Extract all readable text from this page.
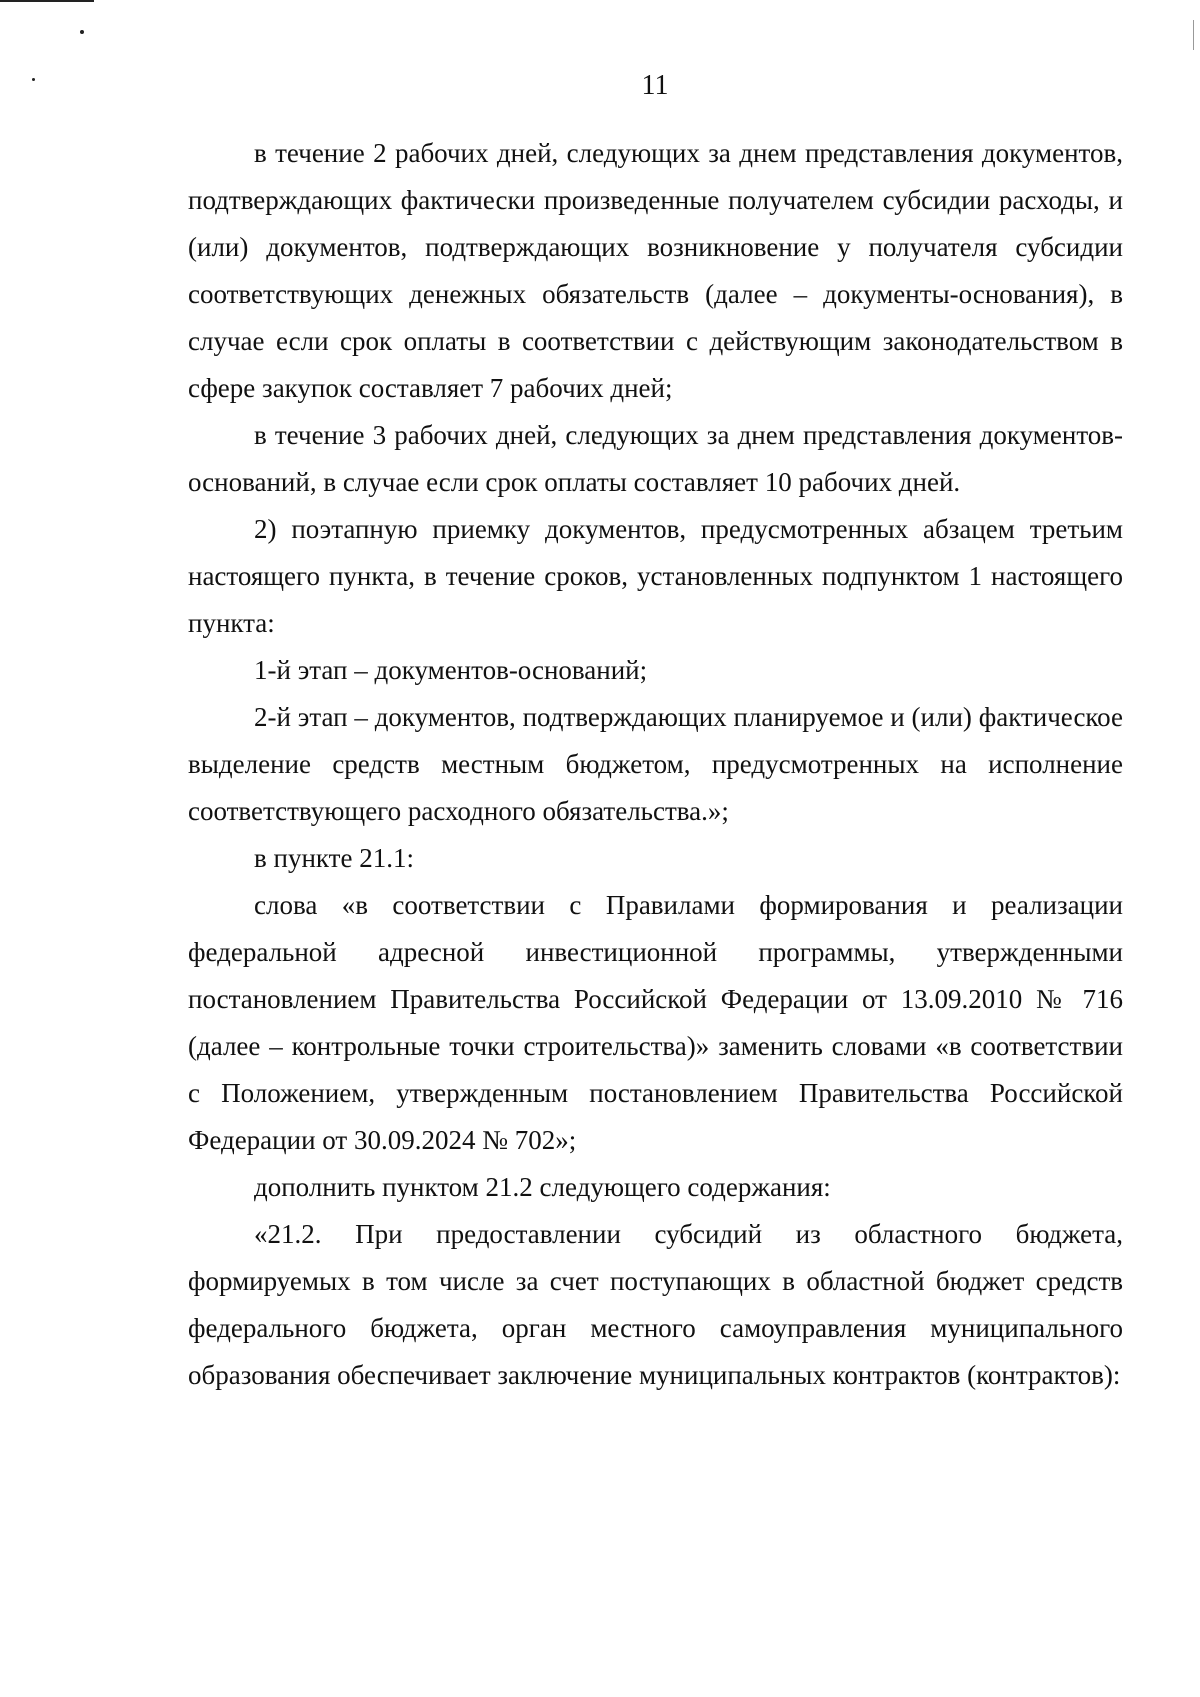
11

в течение 2 рабочих дней, следующих за днем представления документов, подтверждающих фактически произведенные получателем субсидии расходы, и (или) документов, подтверждающих возникновение у получателя субсидии соответствующих денежных обязательств (далее – документы-основания), в случае если срок оплаты в соответствии с действующим законодательством в сфере закупок составляет 7 рабочих дней;

в течение 3 рабочих дней, следующих за днем представления документов-оснований, в случае если срок оплаты составляет 10 рабочих дней.

2) поэтапную приемку документов, предусмотренных абзацем третьим настоящего пункта, в течение сроков, установленных подпунктом 1 настоящего пункта:

1-й этап – документов-оснований;

2-й этап – документов, подтверждающих планируемое и (или) фактическое выделение средств местным бюджетом, предусмотренных на исполнение соответствующего расходного обязательства.»;

в пункте 21.1:

слова «в соответствии с Правилами формирования и реализации федеральной адресной инвестиционной программы, утвержденными постановлением Правительства Российской Федерации от 13.09.2010 № 716 (далее – контрольные точки строительства)» заменить словами «в соответствии с Положением, утвержденным постановлением Правительства Российской Федерации от 30.09.2024 № 702»;

дополнить пунктом 21.2 следующего содержания:

«21.2. При предоставлении субсидий из областного бюджета, формируемых в том числе за счет поступающих в областной бюджет средств федерального бюджета, орган местного самоуправления муниципального образования обеспечивает заключение муниципальных контрактов (контрактов):
